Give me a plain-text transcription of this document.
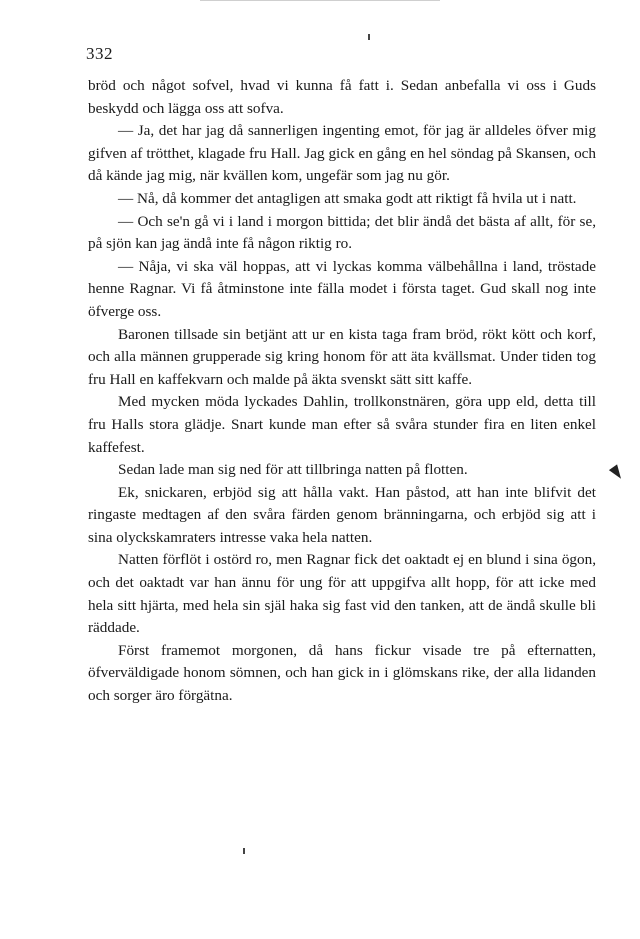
332

bröd och något sofvel, hvad vi kunna få fatt i. Sedan anbefalla vi oss i Guds beskydd och lägga oss att sofva.

— Ja, det har jag då sannerligen ingenting emot, för jag är alldeles öfver mig gifven af trötthet, klagade fru Hall. Jag gick en gång en hel söndag på Skansen, och då kände jag mig, när kvällen kom, ungefär som jag nu gör.

— Nå, då kommer det antagligen att smaka godt att riktigt få hvila ut i natt.

— Och se'n gå vi i land i morgon bittida; det blir ändå det bästa af allt, för se, på sjön kan jag ändå inte få någon riktig ro.

— Nåja, vi ska väl hoppas, att vi lyckas komma välbehållna i land, tröstade henne Ragnar. Vi få åtminstone inte fälla modet i första taget. Gud skall nog inte öfverge oss.

Baronen tillsade sin betjänt att ur en kista taga fram bröd, rökt kött och korf, och alla männen grupperade sig kring honom för att äta kvällsmat. Under tiden tog fru Hall en kaffekvarn och malde på äkta svenskt sätt sitt kaffe.

Med mycken möda lyckades Dahlin, trollkonstnären, göra upp eld, detta till fru Halls stora glädje. Snart kunde man efter så svåra stunder fira en liten enkel kaffefest.

Sedan lade man sig ned för att tillbringa natten på flotten.

Ek, snickaren, erbjöd sig att hålla vakt. Han påstod, att han inte blifvit det ringaste medtagen af den svåra färden genom bränningarna, och erbjöd sig att i sina olyckskamraters intresse vaka hela natten.

Natten förflöt i ostörd ro, men Ragnar fick det oaktadt ej en blund i sina ögon, och det oaktadt var han ännu för ung för att uppgifva allt hopp, för att icke med hela sitt hjärta, med hela sin själ haka sig fast vid den tanken, att de ändå skulle bli räddade.

Först framemot morgonen, då hans fickur visade tre på efternatten, öfverväldigade honom sömnen, och han gick in i glömskans rike, der alla lidanden och sorger äro förgätna.
